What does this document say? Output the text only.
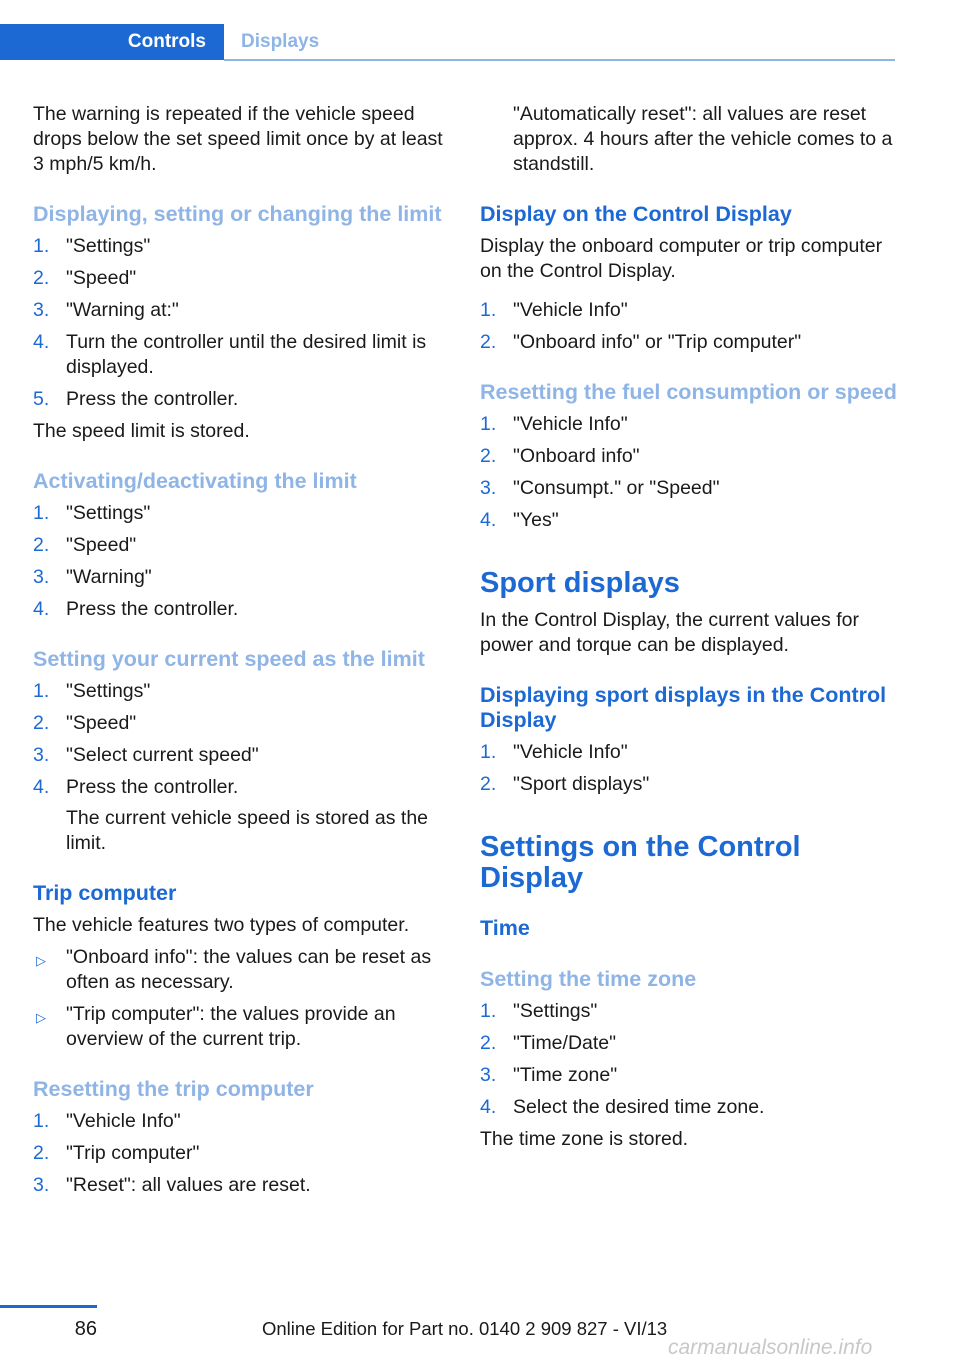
Controls	Displays

The warning is repeated if the vehicle speed drops below the set speed limit once by at least 3 mph/5 km/h.

Displaying, setting or changing the limit
1. "Settings"
2. "Speed"
3. "Warning at:"
4. Turn the controller until the desired limit is displayed.
5. Press the controller.

The speed limit is stored.

Activating/deactivating the limit
1. "Settings"
2. "Speed"
3. "Warning"
4. Press the controller.
Setting your current speed as the limit
1. "Settings"
2. "Speed"
3. "Select current speed"
4. Press the controller.

The current vehicle speed is stored as the limit.

Trip computer

The vehicle features two types of computer.

▷	"Onboard info": the values can be reset as often as necessary.
▷	"Trip computer": the values provide an overview of the current trip.
Resetting the trip computer
1. "Vehicle Info"
2. "Trip computer"
3. "Reset": all values are reset.

"Automatically reset": all values are reset approx. 4 hours after the vehicle comes to a standstill.

Display on the Control Display

Display the onboard computer or trip computer on the Control Display.

1. "Vehicle Info"
2. "Onboard info" or "Trip computer"
Resetting the fuel consumption or speed
1. "Vehicle Info"
2. "Onboard info"
3. "Consumpt." or "Speed"
4. "Yes"
Sport displays

In the Control Display, the current values for power and torque can be displayed.

Displaying sport displays in the Control Display
1. "Vehicle Info"
2. "Sport displays"
Settings on the Control Display
Time
Setting the time zone
1. "Settings"
2. "Time/Date"
3. "Time zone"
4. Select the desired time zone.

The time zone is stored.

86	Online Edition for Part no. 0140 2 909 827 - VI/13
carmanualsonline.info
